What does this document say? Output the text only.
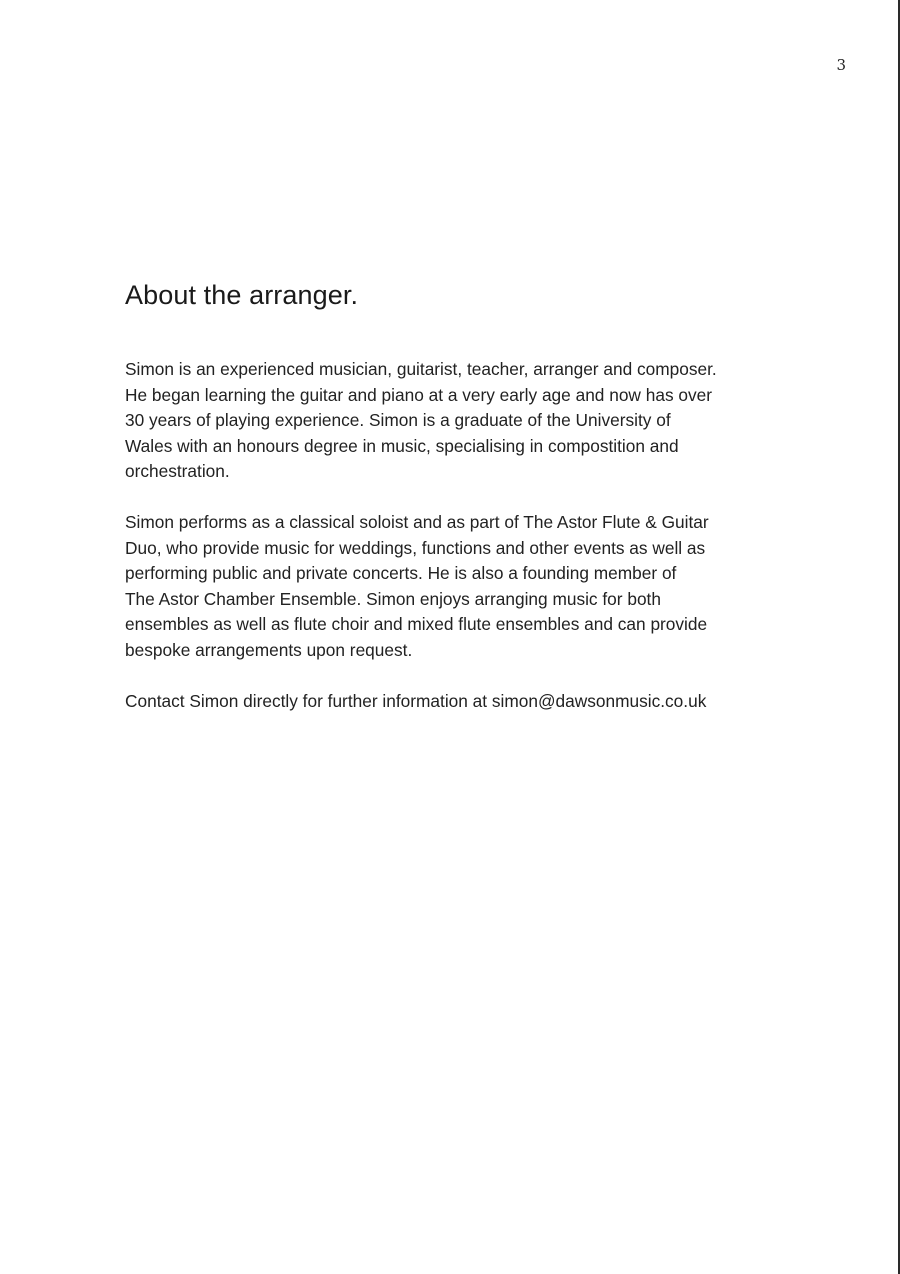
3

About the arranger.

Simon is an experienced musician, guitarist, teacher, arranger and composer.
He began learning the guitar and piano at a very early age and now has over
30 years of playing experience. Simon is a graduate of the University of
Wales with an honours degree in music, specialising in compostition and
orchestration.

Simon performs as a classical soloist and as part of The Astor Flute & Guitar
Duo, who provide music for weddings, functions and other events as well as
performing public and private concerts. He is also a founding member of
The Astor Chamber Ensemble. Simon enjoys arranging music for both
ensembles as well as flute choir and mixed flute ensembles and can provide
bespoke arrangements upon request.

Contact Simon directly for further information at simon@dawsonmusic.co.uk
